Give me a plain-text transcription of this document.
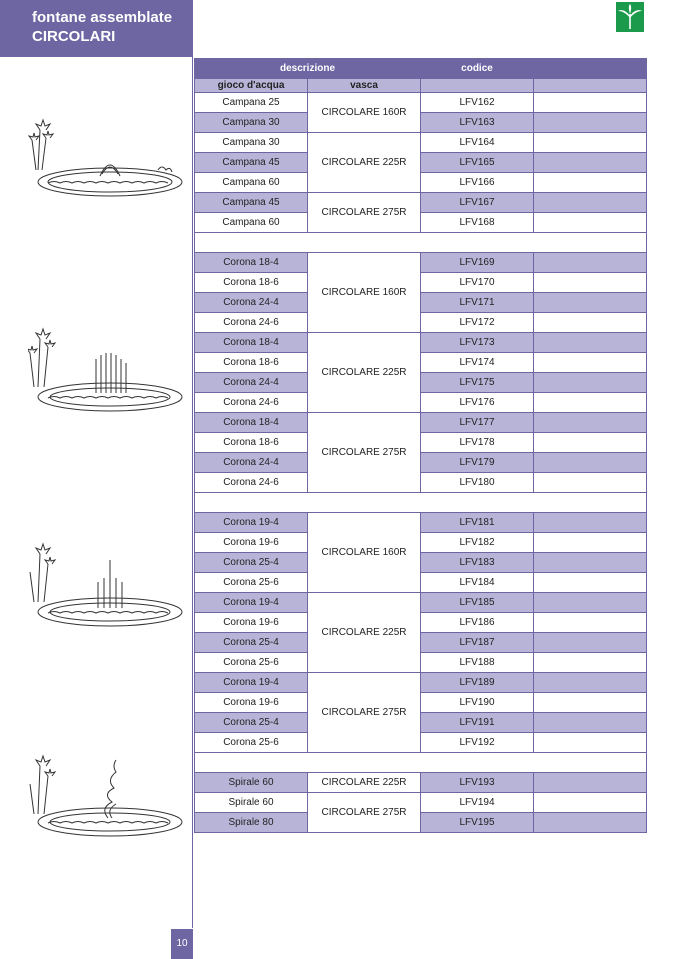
fontane assemblate
CIRCOLARI
descrizione		codice	
gioco d'acqua	vasca		
Campana 25	CIRCOLARE 160R	LFV162	
Campana 30		LFV163	
Campana 30	CIRCOLARE 225R	LFV164	
Campana 45		LFV165	
Campana 60		LFV166	
Campana 45	CIRCOLARE 275R	LFV167	
Campana 60		LFV168	

Corona 18-4	CIRCOLARE 160R	LFV169	
Corona 18-6		LFV170	
Corona 24-4		LFV171	
Corona 24-6		LFV172	
Corona 18-4	CIRCOLARE 225R	LFV173	
Corona 18-6		LFV174	
Corona 24-4		LFV175	
Corona 24-6		LFV176	
Corona 18-4	CIRCOLARE 275R	LFV177	
Corona 18-6		LFV178	
Corona 24-4		LFV179	
Corona 24-6		LFV180	

Corona 19-4	CIRCOLARE 160R	LFV181	
Corona 19-6		LFV182	
Corona 25-4		LFV183	
Corona 25-6		LFV184	
Corona 19-4	CIRCOLARE 225R	LFV185	
Corona 19-6		LFV186	
Corona 25-4		LFV187	
Corona 25-6		LFV188	
Corona 19-4	CIRCOLARE 275R	LFV189	
Corona 19-6		LFV190	
Corona 25-4		LFV191	
Corona 25-6		LFV192	

Spirale 60	CIRCOLARE 225R	LFV193	
Spirale 60	CIRCOLARE 275R	LFV194	
Spirale 80		LFV195	
10
